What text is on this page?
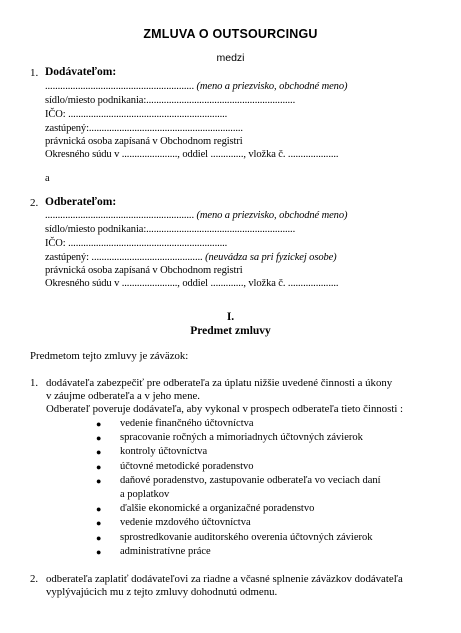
ZMLUVA O OUTSOURCINGU
medzi
1. Dodávateľom:
........................................................... (meno a priezvisko, obchodné meno)
sídlo/miesto podnikania:...........................................................
IČO: ...............................................................
zastúpený:.............................................................
právnická osoba zapísaná v Obchodnom registri
Okresného súdu v ......................, oddiel ............., vložka č. ....................
a
2. Odberateľom:
........................................................... (meno a priezvisko, obchodné meno)
sídlo/miesto podnikania:...........................................................
IČO: ...............................................................
zastúpený: ............................................ (neuvádza sa pri fyzickej osobe)
právnická osoba zapísaná v Obchodnom registri
Okresného súdu v ......................, oddiel ............., vložka č. ....................
I.
Predmet zmluvy
Predmetom tejto zmluvy je záväzok:
1. dodávateľa zabezpečiť pre odberateľa za úplatu nižšie uvedené činnosti a úkony
v záujme odberateľa a v jeho mene.
Odberateľ poveruje dodávateľa, aby vykonal v prospech odberateľa tieto činnosti :
● vedenie finančného účtovníctva
● spracovanie ročných a mimoriadnych účtovných závierok
● kontroly účtovníctva
● účtovné metodické poradenstvo
● daňové poradenstvo, zastupovanie odberateľa vo veciach daní
a poplatkov
● ďalšie ekonomické a organizačné poradenstvo
● vedenie mzdového účtovníctva
● sprostredkovanie auditorského overenia účtovných závierok
● administratívne práce
2. odberateľa zaplatiť dodávateľovi za riadne a včasné splnenie záväzkov dodávateľa
vyplývajúcich mu z tejto zmluvy dohodnutú odmenu.
